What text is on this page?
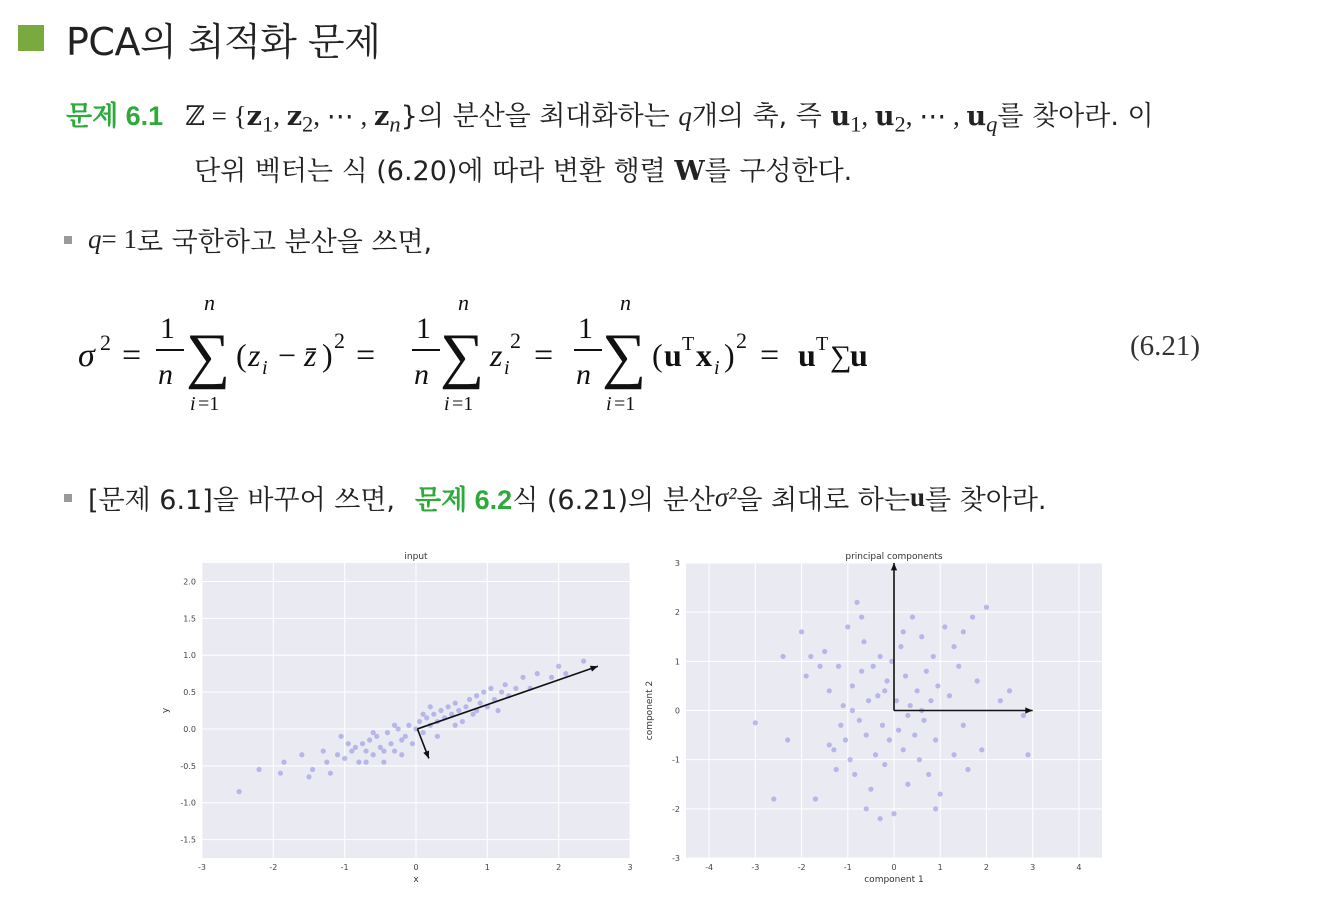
PCA의 최적화 문제
문제 6.1 ℤ = {$z_1$, $z_2$, ⋯ , $z_n$}의 분산을 최대화하는 q개의 축, 즉 $u_1$, $u_2$, ⋯ , $u_q$를 찾아라. 이
단위 벡터는 식 (6.20)에 따라 변환 행렬 W를 구성한다.
q = 1 로 국한하고 분산을 쓰면,
σ 2 =
1
n
n
∑
i =1
( z i − z̄ ) 2 =
1
n
n
∑
i =1
z i
2 =
1
n
n
∑
i =1
( u T x i ) 2 = u T ∑
u	(6.21)
[문제 6.1]을 바꾸어 쓰면, 문제 6.2 식 (6.21)의 분산 σ² 을 최대로 하는 u 를 찾아라.
-3	-2	-1	0	1	2	3
-1.5
-1.0
-0.5
0.0
0.5
1.0
1.5
2.0
input
x
y
-4	-3	-2	-1	0	1	2	3	4
-3
-2
-1
0
1
2
3
principal components
component 1
component 2
